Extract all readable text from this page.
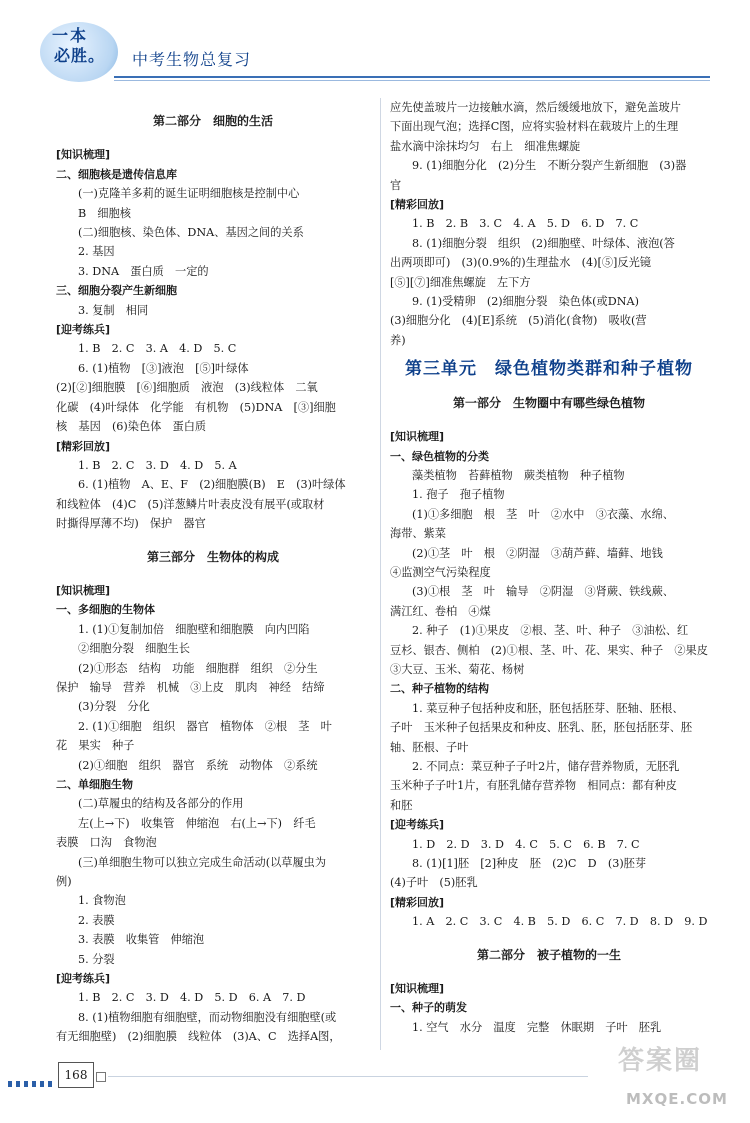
一本
必胜。 中考生物总复习
第二部分　细胞的生活
[知识梳理]
二、细胞核是遗传信息库
(一)克隆羊多莉的诞生证明细胞核是控制中心
B　细胞核
(二)细胞核、染色体、DNA、基因之间的关系
2. 基因
3. DNA　蛋白质　一定的
三、细胞分裂产生新细胞
3. 复制　相同
[迎考练兵]
1. B　2. C　3. A　4. D　5. C
6. (1)植物　[③]液泡　[⑤]叶绿体
(2)[②]细胞膜　[⑥]细胞质　液泡　(3)线粒体　二氧
化碳　(4)叶绿体　化学能　有机物　(5)DNA　[③]细胞
核　基因　(6)染色体　蛋白质
[精彩回放]
1. B　2. C　3. D　4. D　5. A
6. (1)植物　A、E、F　(2)细胞膜(B)　E　(3)叶绿体
和线粒体　(4)C　(5)洋葱鳞片叶表皮没有展平(或取材
时撕得厚薄不均)　保护　器官
第三部分　生物体的构成
[知识梳理]
一、多细胞的生物体
1. (1)①复制加倍　细胞壁和细胞膜　向内凹陷
②细胞分裂　细胞生长
(2)①形态　结构　功能　细胞群　组织　②分生
保护　输导　营养　机械　③上皮　肌肉　神经　结缔
(3)分裂　分化
2. (1)①细胞　组织　器官　植物体　②根　茎　叶
花　果实　种子
(2)①细胞　组织　器官　系统　动物体　②系统
二、单细胞生物
(二)草履虫的结构及各部分的作用
左(上→下)　收集管　伸缩泡　右(上→下)　纤毛
表膜　口沟　食物泡
(三)单细胞生物可以独立完成生命活动(以草履虫为
例)
1. 食物泡
2. 表膜
3. 表膜　收集管　伸缩泡
5. 分裂
[迎考练兵]
1. B　2. C　3. D　4. D　5. D　6. A　7. D
8. (1)植物细胞有细胞壁，而动物细胞没有细胞壁(或
有无细胞壁)　(2)细胞膜　线粒体　(3)A、C　选择A图，
应先使盖玻片一边接触水滴，然后缓缓地放下，避免盖玻片
下面出现气泡；选择C图，应将实验材料在载玻片上的生理
盐水滴中涂抹均匀　右上　细准焦螺旋
9. (1)细胞分化　(2)分生　不断分裂产生新细胞　(3)器
官
[精彩回放]
1. B　2. B　3. C　4. A　5. D　6. D　7. C
8. (1)细胞分裂　组织　(2)细胞壁、叶绿体、液泡(答
出两项即可)　(3)(0.9%的)生理盐水　(4)[⑤]反光镜
[⑤][⑦]细准焦螺旋　左下方
9. (1)受精卵　(2)细胞分裂　染色体(或DNA)
(3)细胞分化　(4)[E]系统　(5)消化(食物)　吸收(营
养)
第三单元　绿色植物类群和种子植物
第一部分　生物圈中有哪些绿色植物
[知识梳理]
一、绿色植物的分类
藻类植物　苔藓植物　蕨类植物　种子植物
1. 孢子　孢子植物
(1)①多细胞　根　茎　叶　②水中　③衣藻、水绵、
海带、紫菜
(2)①茎　叶　根　②阴湿　③葫芦藓、墙藓、地钱
④监测空气污染程度
(3)①根　茎　叶　输导　②阴湿　③肾蕨、铁线蕨、
满江红、卷柏　④煤
2. 种子　(1)①果皮　②根、茎、叶、种子　③油松、红
豆杉、银杏、侧柏　(2)①根、茎、叶、花、果实、种子　②果皮
③大豆、玉米、菊花、杨树
二、种子植物的结构
1. 菜豆种子包括种皮和胚，胚包括胚芽、胚轴、胚根、
子叶　玉米种子包括果皮和种皮、胚乳、胚，胚包括胚芽、胚
轴、胚根、子叶
2. 不同点：菜豆种子子叶2片，储存营养物质，无胚乳
玉米种子子叶1片，有胚乳储存营养物　相同点：都有种皮
和胚
[迎考练兵]
1. D　2. D　3. D　4. C　5. C　6. B　7. C
8. (1)[1]胚　[2]种皮　胚　(2)C　D　(3)胚芽
(4)子叶　(5)胚乳
[精彩回放]
1. A　2. C　3. C　4. B　5. D　6. C　7. D　8. D　9. D
第二部分　被子植物的一生
[知识梳理]
一、种子的萌发
1. 空气　水分　温度　完整　休眠期　子叶　胚乳
168	答案圈
MXQE.COM
